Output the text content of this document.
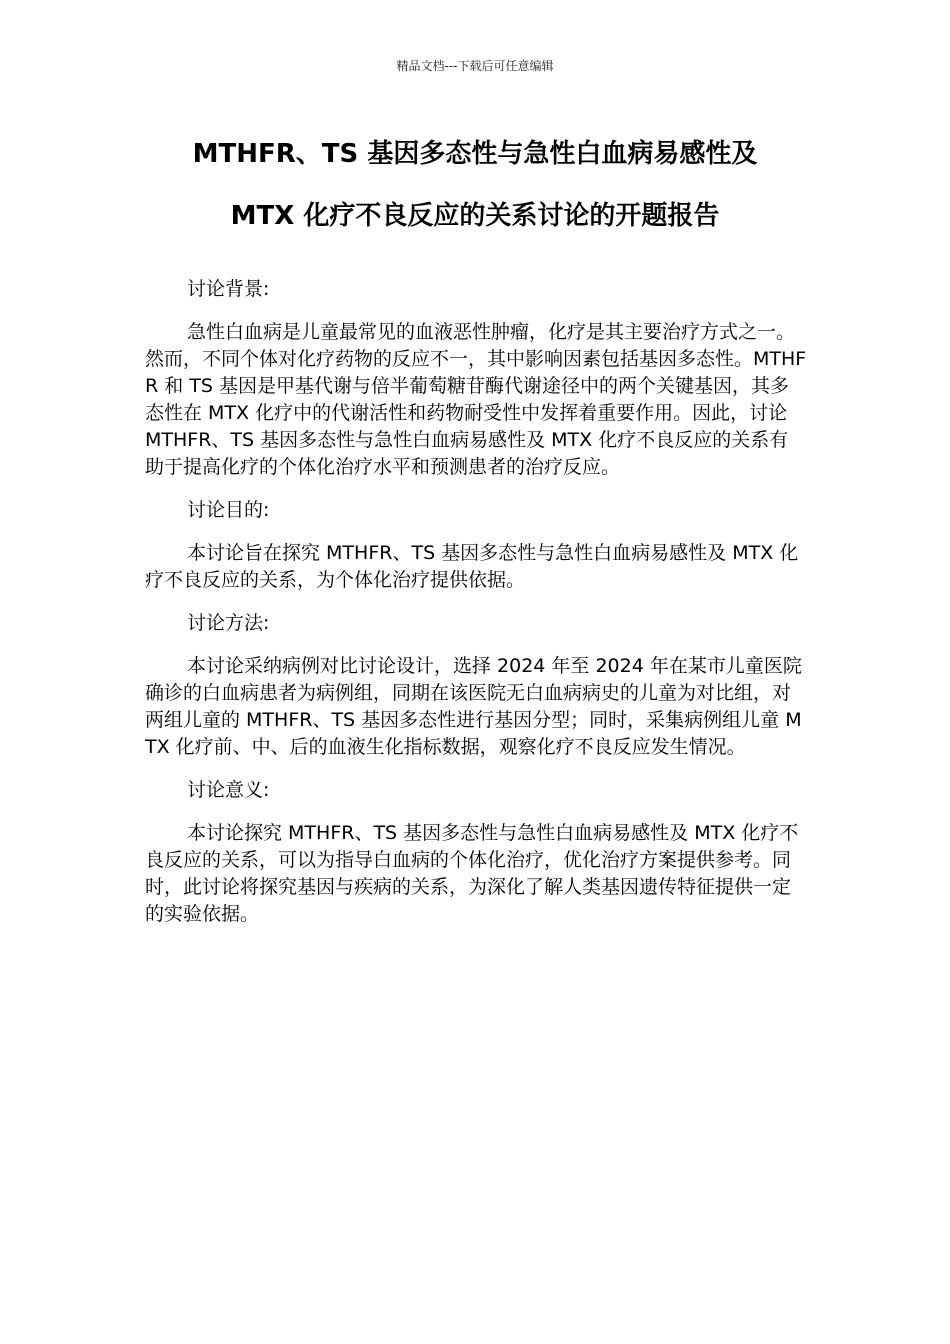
精品文档---下载后可任意编辑
MTHFR、TS 基因多态性与急性白血病易感性及
MTX 化疗不良反应的关系讨论的开题报告
讨论背景:
急性白血病是儿童最常见的血液恶性肿瘤，化疗是其主要治疗方式之一。然而，不同个体对化疗药物的反应不一，其中影响因素包括基因多态性。MTHFR 和 TS 基因是甲基代谢与倍半葡萄糖苷酶代谢途径中的两个关键基因，其多态性在 MTX 化疗中的代谢活性和药物耐受性中发挥着重要作用。因此，讨论 MTHFR、TS 基因多态性与急性白血病易感性及 MTX 化疗不良反应的关系有助于提高化疗的个体化治疗水平和预测患者的治疗反应。
讨论目的:
本讨论旨在探究 MTHFR、TS 基因多态性与急性白血病易感性及 MTX 化疗不良反应的关系，为个体化治疗提供依据。
讨论方法:
本讨论采纳病例对比讨论设计，选择 2024 年至 2024 年在某市儿童医院确诊的白血病患者为病例组，同期在该医院无白血病病史的儿童为对比组，对两组儿童的 MTHFR、TS 基因多态性进行基因分型；同时，采集病例组儿童 MTX 化疗前、中、后的血液生化指标数据，观察化疗不良反应发生情况。
讨论意义:
本讨论探究 MTHFR、TS 基因多态性与急性白血病易感性及 MTX 化疗不良反应的关系，可以为指导白血病的个体化治疗，优化治疗方案提供参考。同时，此讨论将探究基因与疾病的关系，为深化了解人类基因遗传特征提供一定的实验依据。
